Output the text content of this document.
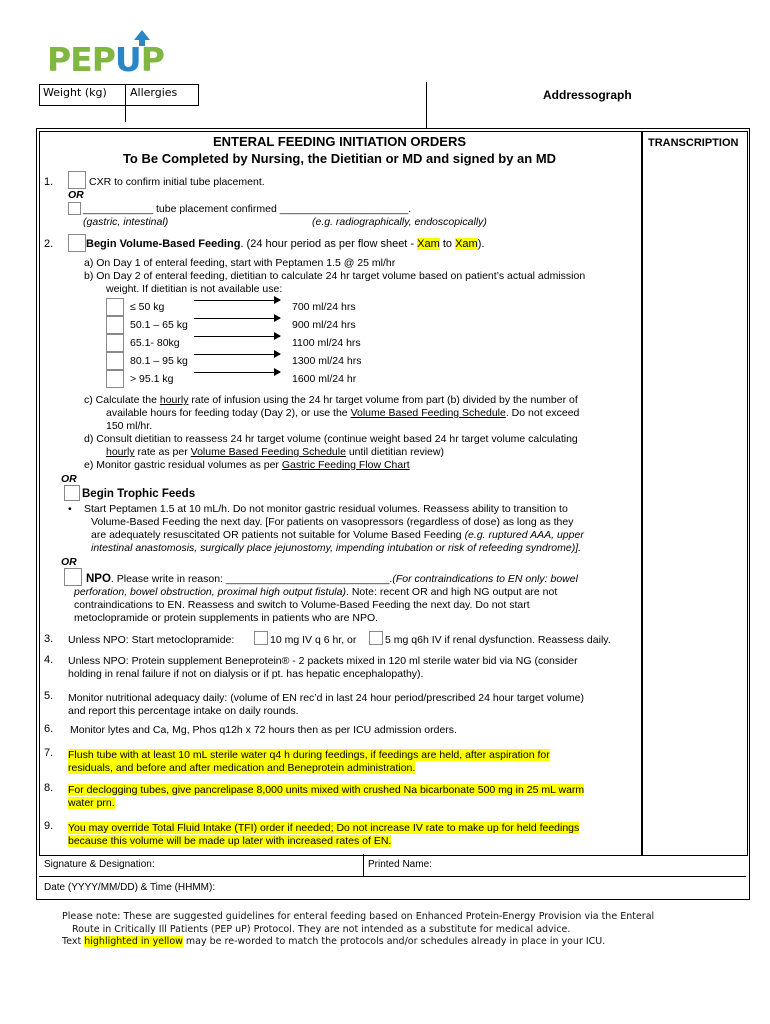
PEPUP
Weight (kg) Allergies	Addressograph
TRANSCRIPTION
ENTERAL FEEDING INITIATION ORDERS
To Be Completed by Nursing, the Dietitian or MD and signed by an MD
1.	CXR to confirm initial tube placement.
OR
____________ tube placement confirmed ______________________.
(gastric, intestinal)	(e.g. radiographically, endoscopically)
2.	Begin Volume-Based Feeding. (24 hour period as per flow sheet - Xam to Xam).
a) On Day 1 of enteral feeding, start with Peptamen 1.5 @ 25 ml/hr
b) On Day 2 of enteral feeding, dietitian to calculate 24 hr target volume based on patient’s actual admission
weight. If dietitian is not available use:
≤ 50 kg	700 ml/24 hrs
50.1 – 65 kg	900 ml/24 hrs
65.1- 80kg	1100 ml/24 hrs
80.1 – 95 kg	1300 ml/24 hrs
> 95.1 kg	1600 ml/24 hr
c) Calculate the hourly rate of infusion using the 24 hr target volume from part (b) divided by the number of
available hours for feeding today (Day 2), or use the Volume Based Feeding Schedule. Do not exceed
150 ml/hr.
d) Consult dietitian to reassess 24 hr target volume (continue weight based 24 hr target volume calculating
hourly rate as per Volume Based Feeding Schedule until dietitian review)
e) Monitor gastric residual volumes as per Gastric Feeding Flow Chart
OR
Begin Trophic Feeds
• Start Peptamen 1.5 at 10 mL/h. Do not monitor gastric residual volumes. Reassess ability to transition to
Volume-Based Feeding the next day. [For patients on vasopressors (regardless of dose) as long as they
are adequately resuscitated OR patients not suitable for Volume Based Feeding (e.g. ruptured AAA, upper
intestinal anastomosis, surgically place jejunostomy, impending intubation or risk of refeeding syndrome)].
OR
NPO. Please write in reason: ____________________________.(For contraindications to EN only: bowel
perforation, bowel obstruction, proximal high output fistula). Note: recent OR and high NG output are not
contraindications to EN. Reassess and switch to Volume-Based Feeding the next day. Do not start
metoclopramide or protein supplements in patients who are NPO.
3. Unless NPO: Start metoclopramide:	10 mg IV q 6 hr, or	5 mg q6h IV if renal dysfunction. Reassess daily.
4. Unless NPO: Protein supplement Beneprotein® - 2 packets mixed in 120 ml sterile water bid via NG (consider
holding in renal failure if not on dialysis or if pt. has hepatic encephalopathy).
5. Monitor nutritional adequacy daily: (volume of EN rec’d in last 24 hour period/prescribed 24 hour target volume)
and report this percentage intake on daily rounds.
6. Monitor lytes and Ca, Mg, Phos q12h x 72 hours then as per ICU admission orders.
7. Flush tube with at least 10 mL sterile water q4 h during feedings, if feedings are held, after aspiration for
residuals, and before and after medication and Beneprotein administration.
8. For declogging tubes, give pancrelipase 8,000 units mixed with crushed Na bicarbonate 500 mg in 25 mL warm
water prn.
9. You may override Total Fluid Intake (TFI) order if needed; Do not increase IV rate to make up for held feedings
because this volume will be made up later with increased rates of EN.
Signature & Designation:	Printed Name:
Date (YYYY/MM/DD) & Time (HHMM):
Please note: These are suggested guidelines for enteral feeding based on Enhanced Protein-Energy Provision via the Enteral
Route in Critically Ill Patients (PEP uP) Protocol. They are not intended as a substitute for medical advice.
Text highlighted in yellow may be re-worded to match the protocols and/or schedules already in place in your ICU.
